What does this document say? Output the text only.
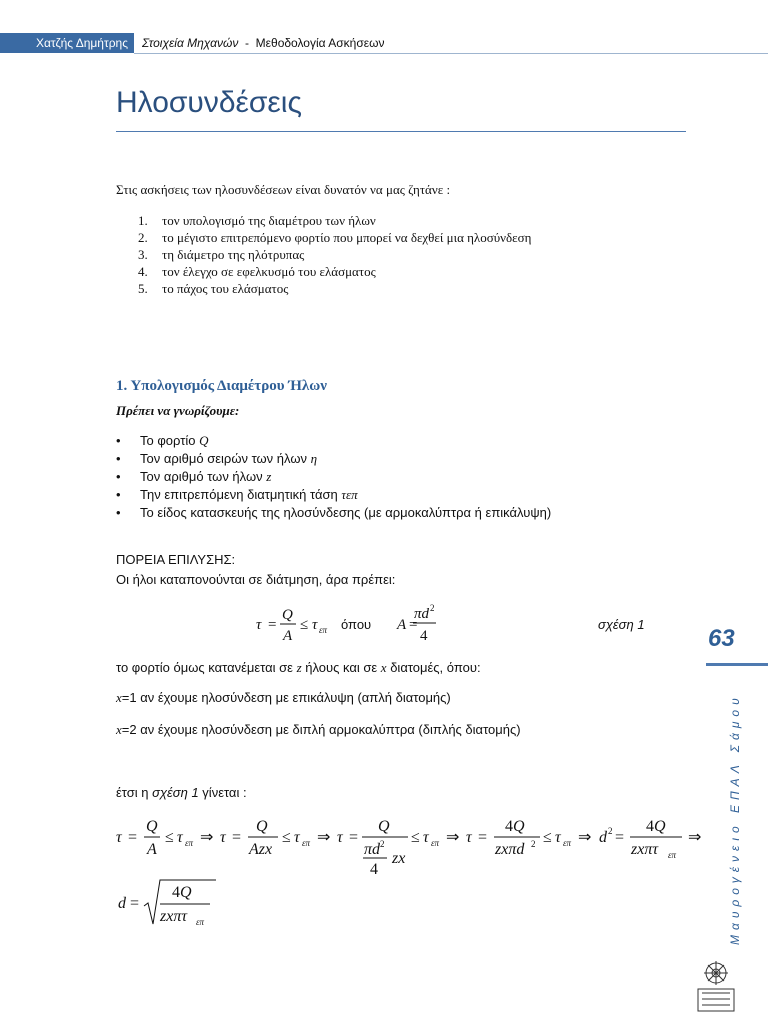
Χατζής Δημήτρης	Στοιχεία Μηχανών - Μεθοδολογία Ασκήσεων
Ηλοσυνδέσεις
Στις ασκήσεις των ηλοσυνδέσεων είναι δυνατόν να μας ζητάνε :
1. τον υπολογισμό της διαμέτρου των ήλων
2. το μέγιστο επιτρεπόμενο φορτίο που μπορεί να δεχθεί μια ηλοσύνδεση
3. τη διάμετρο της ηλότρυπας
4. τον έλεγχο σε εφελκυσμό του ελάσματος
5. το πάχος του ελάσματος
1. Υπολογισμός Διαμέτρου Ήλων
Πρέπει να γνωρίζουμε:
• Το φορτίο Q
• Τον αριθμό σειρών των ήλων η
• Τον αριθμό των ήλων z
• Την επιτρεπόμενη διατμητική τάση τεπ
• Το είδος κατασκευής της ηλοσύνδεσης (με αρμοκαλύπτρα ή επικάλυψη)
ΠΟΡΕΙΑ ΕΠΙΛΥΣΗΣ:
Οι ήλοι καταπονούνται σε διάτμηση, άρα πρέπει:
τ =
Q
A
≤ τ επ	A =
πd 2
4
όπου	σχέση 1
το φορτίο όμως κατανέμεται σε z ήλους και σε x διατομές, όπου:
x=1 αν έχουμε ηλοσύνδεση με επικάλυψη (απλή διατομής)
x=2 αν έχουμε ηλοσύνδεση με διπλή αρμοκαλύπτρα (διπλής διατομής)
έτσι η σχέση 1 γίνεται :
τ =
Q
A
≤ τ επ ⇒ τ =
Q
Azx
≤ τ επ ⇒ τ =
Q
πd 2
4
zx
≤ τ επ ⇒ τ =
4Q
zxπd 2 ≤ τ επ ⇒ d 2 =
4Q
zxπτ επ
⇒
d =
4Q
zxπτ επ
63
Μαυρογένειο ΕΠΑΛ Σάμου
